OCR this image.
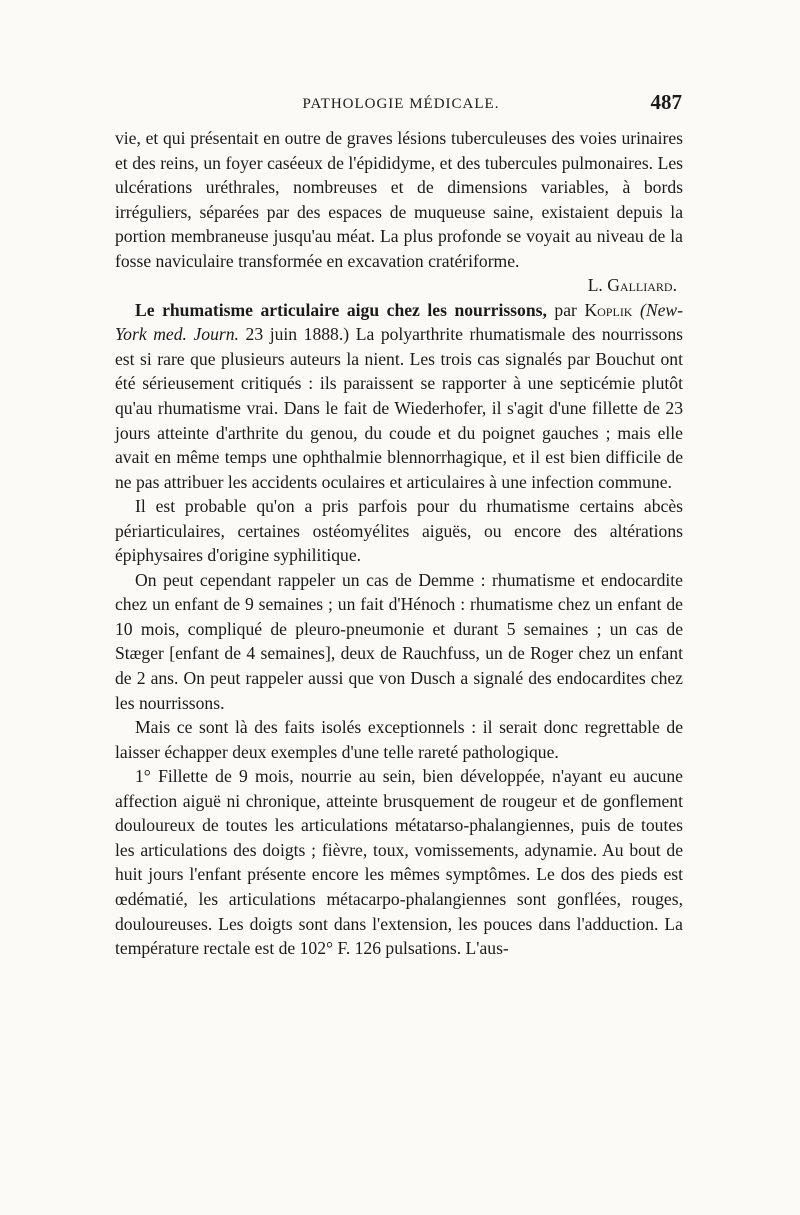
PATHOLOGIE MÉDICALE.	487

vie, et qui présentait en outre de graves lésions tuberculeuses des voies urinaires et des reins, un foyer caséeux de l'épididyme, et des tubercules pulmonaires. Les ulcérations uréthrales, nombreuses et de dimensions variables, à bords irréguliers, séparées par des espaces de muqueuse saine, existaient depuis la portion membraneuse jusqu'au méat. La plus profonde se voyait au niveau de la fosse naviculaire transformée en excavation cratériforme.

L. Galliard.

Le rhumatisme articulaire aigu chez les nourrissons, par Koplik (New-York med. Journ. 23 juin 1888.) La polyarthrite rhumatismale des nourrissons est si rare que plusieurs auteurs la nient. Les trois cas signalés par Bouchut ont été sérieusement critiqués : ils paraissent se rapporter à une septicémie plutôt qu'au rhumatisme vrai. Dans le fait de Wiederhofer, il s'agit d'une fillette de 23 jours atteinte d'arthrite du genou, du coude et du poignet gauches ; mais elle avait en même temps une ophthalmie blennorrhagique, et il est bien difficile de ne pas attribuer les accidents oculaires et articulaires à une infection commune.

Il est probable qu'on a pris parfois pour du rhumatisme certains abcès périarticulaires, certaines ostéomyélites aiguës, ou encore des altérations épiphysaires d'origine syphilitique.

On peut cependant rappeler un cas de Demme : rhumatisme et endocardite chez un enfant de 9 semaines ; un fait d'Hénoch : rhumatisme chez un enfant de 10 mois, compliqué de pleuro-pneumonie et durant 5 semaines ; un cas de Stæger [enfant de 4 semaines], deux de Rauchfuss, un de Roger chez un enfant de 2 ans. On peut rappeler aussi que von Dusch a signalé des endocardites chez les nourrissons.

Mais ce sont là des faits isolés exceptionnels : il serait donc regrettable de laisser échapper deux exemples d'une telle rareté pathologique.

1° Fillette de 9 mois, nourrie au sein, bien développée, n'ayant eu aucune affection aiguë ni chronique, atteinte brusquement de rougeur et de gonflement douloureux de toutes les articulations métatarso-phalangiennes, puis de toutes les articulations des doigts ; fièvre, toux, vomissements, adynamie. Au bout de huit jours l'enfant présente encore les mêmes symptômes. Le dos des pieds est œdématié, les articulations métacarpo-phalangiennes sont gonflées, rouges, douloureuses. Les doigts sont dans l'extension, les pouces dans l'adduction. La température rectale est de 102° F. 126 pulsations. L'aus-
